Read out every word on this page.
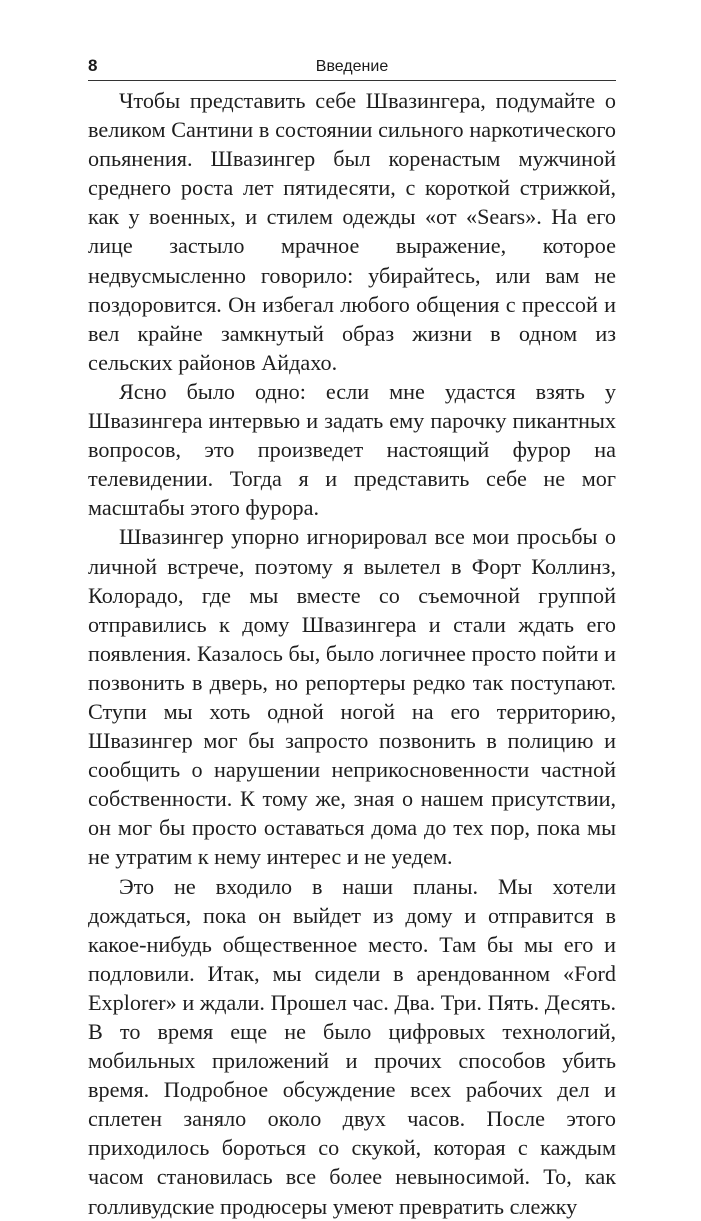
8	Введение

Чтобы представить себе Швазингера, подумайте о великом Сантини в состоянии сильного наркотического опьянения. Швазингер был коренастым мужчиной среднего роста лет пятидесяти, с короткой стрижкой, как у военных, и стилем одежды «от «Sears». На его лице застыло мрачное выражение, которое недвусмысленно говорило: убирайтесь, или вам не поздоровится. Он избегал любого общения с прессой и вел крайне замкнутый образ жизни в одном из сельских районов Айдахо.

Ясно было одно: если мне удастся взять у Швазингера интервью и задать ему парочку пикантных вопросов, это произведет настоящий фурор на телевидении. Тогда я и представить себе не мог масштабы этого фурора.

Швазингер упорно игнорировал все мои просьбы о личной встрече, поэтому я вылетел в Форт Коллинз, Колорадо, где мы вместе со съемочной группой отправились к дому Швазингера и стали ждать его появления. Казалось бы, было логичнее просто пойти и позвонить в дверь, но репортеры редко так поступают. Ступи мы хоть одной ногой на его территорию, Швазингер мог бы запросто позвонить в полицию и сообщить о нарушении неприкосновенности частной собственности. К тому же, зная о нашем присутствии, он мог бы просто оставаться дома до тех пор, пока мы не утратим к нему интерес и не уедем.

Это не входило в наши планы. Мы хотели дождаться, пока он выйдет из дому и отправится в какое-нибудь общественное место. Там бы мы его и подловили. Итак, мы сидели в арендованном «Ford Explorer» и ждали. Прошел час. Два. Три. Пять. Десять. В то время еще не было цифровых технологий, мобильных приложений и прочих способов убить время. Подробное обсуждение всех рабочих дел и сплетен заняло около двух часов. После этого приходилось бороться со скукой, которая с каждым часом становилась все более невыносимой. То, как голливудские продюсеры умеют превратить слежку
